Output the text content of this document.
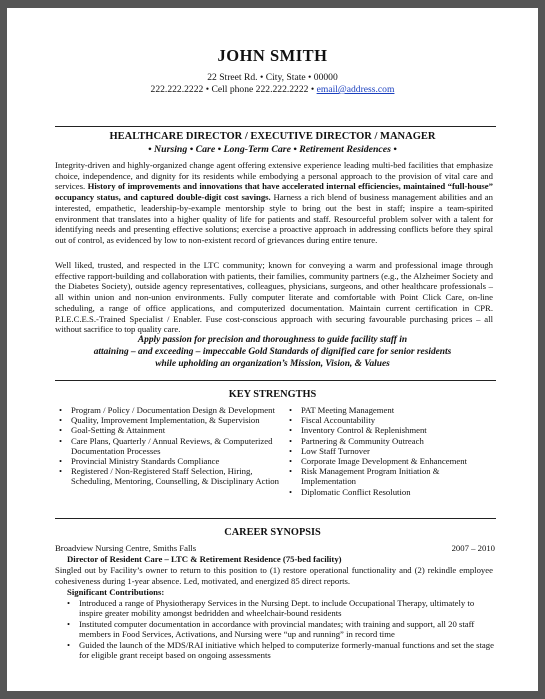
JOHN SMITH
22 Street Rd. • City, State • 00000
222.222.2222 • Cell phone 222.222.2222 • email@address.com
HEALTHCARE DIRECTOR / EXECUTIVE DIRECTOR / MANAGER
• Nursing • Care • Long-Term Care • Retirement Residences •
Integrity-driven and highly-organized change agent offering extensive experience leading multi-bed facilities that emphasize choice, independence, and dignity for its residents while embodying a personal approach to the provision of vital care and services. History of improvements and innovations that have accelerated internal efficiencies, maintained “full-house” occupancy status, and captured double-digit cost savings. Harness a rich blend of business management abilities and an interested, empathetic, leadership-by-example mentorship style to bring out the best in staff; inspire a team-spirited environment that translates into a higher quality of life for patients and staff. Resourceful problem solver with a talent for identifying needs and presenting effective solutions; exercise a proactive approach in addressing conflicts before they spiral out of control, as evidenced by low to non-existent record of grievances during entire tenure.
Well liked, trusted, and respected in the LTC community; known for conveying a warm and professional image through effective rapport-building and collaboration with patients, their families, community partners (e.g., the Alzheimer Society and the Diabetes Society), outside agency representatives, colleagues, physicians, surgeons, and other healthcare professionals – all within union and non-union environments. Fully computer literate and comfortable with Point Click Care, on-line scheduling, a range of office applications, and computerized documentation. Maintain current certification in CPR. P.I.E.C.E.S.-Trained Specialist / Enabler. Fuse cost-conscious approach with securing favourable purchasing prices – all without sacrifice to top quality care.
Apply passion for precision and thoroughness to guide facility staff in
attaining – and exceeding – impeccable Gold Standards of dignified care for senior residents
while upholding an organization’s Mission, Vision, & Values
KEY STRENGTHS
• Program / Policy / Documentation Design & Development
• Quality, Improvement Implementation, & Supervision
• Goal-Setting & Attainment
• Care Plans, Quarterly / Annual Reviews, & Computerized Documentation Processes
• Provincial Ministry Standards Compliance
• Registered / Non-Registered Staff Selection, Hiring, Scheduling, Mentoring, Counselling, & Disciplinary Action
• PAT Meeting Management
• Fiscal Accountability
• Inventory Control & Replenishment
• Partnering & Community Outreach
• Low Staff Turnover
• Corporate Image Development & Enhancement
• Risk Management Program Initiation & Implementation
• Diplomatic Conflict Resolution
CAREER SYNOPSIS
Broadview Nursing Centre, Smiths Falls	2007 – 2010
Director of Resident Care – LTC & Retirement Residence (75-bed facility)
Singled out by Facility’s owner to return to this position to (1) restore operational functionality and (2) rekindle employee cohesiveness during 1-year absence. Led, motivated, and energized 85 direct reports.
Significant Contributions:
• Introduced a range of Physiotherapy Services in the Nursing Dept. to include Occupational Therapy, ultimately to inspire greater mobility amongst bedridden and wheelchair-bound residents
• Instituted computer documentation in accordance with provincial mandates; with training and support, all 20 staff members in Food Services, Activations, and Nursing were “up and running” in record time
• Guided the launch of the MDS/RAI initiative which helped to computerize formerly-manual functions and set the stage for eligible grant receipt based on ongoing assessments
